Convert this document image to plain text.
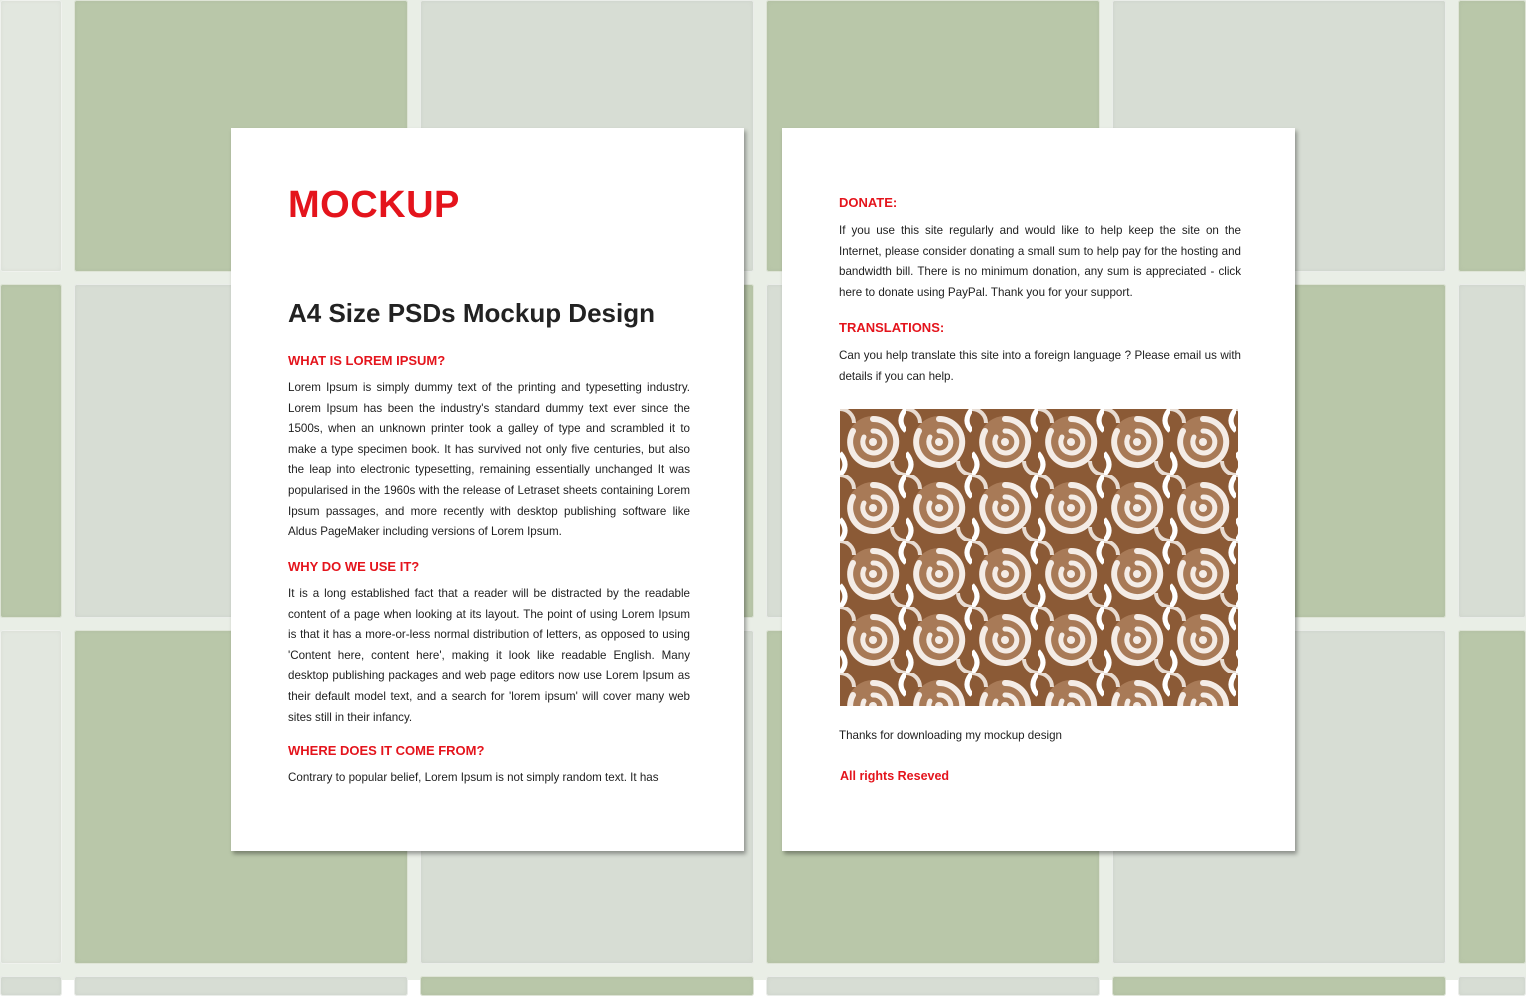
MOCKUP
A4 Size PSDs Mockup Design
WHAT IS LOREM IPSUM?

Lorem Ipsum is simply dummy text of the printing and typesetting industry. Lorem Ipsum has been the industry's standard dummy text ever since the 1500s, when an unknown printer took a galley of type and scrambled it to make a type specimen book. It has survived not only five centuries, but also the leap into electronic typesetting, remaining essentially unchanged It was popularised in the 1960s with the release of Letraset sheets containing Lorem Ipsum passages, and more recently with desktop publishing software like Aldus PageMaker including versions of Lorem Ipsum.

WHY DO WE USE IT?

It is a long established fact that a reader will be distracted by the readable content of a page when looking at its layout. The point of using Lorem Ipsum is that it has a more-or-less normal distribution of letters, as opposed to using 'Content here, content here', making it look like readable English. Many desktop publishing packages and web page editors now use Lorem Ipsum as their default model text, and a search for 'lorem ipsum' will cover many web sites still in their infancy.

WHERE DOES IT COME FROM?

Contrary to popular belief, Lorem Ipsum is not simply random text. It has

DONATE:

If you use this site regularly and would like to help keep the site on the Internet, please consider donating a small sum to help pay for the hosting and bandwidth bill. There is no minimum donation, any sum is appreciated - click here to donate using PayPal. Thank you for your support.

TRANSLATIONS:

Can you help translate this site into a foreign language ? Please email us with details if you can help.

Thanks for downloading my mockup design

All rights Reseved
